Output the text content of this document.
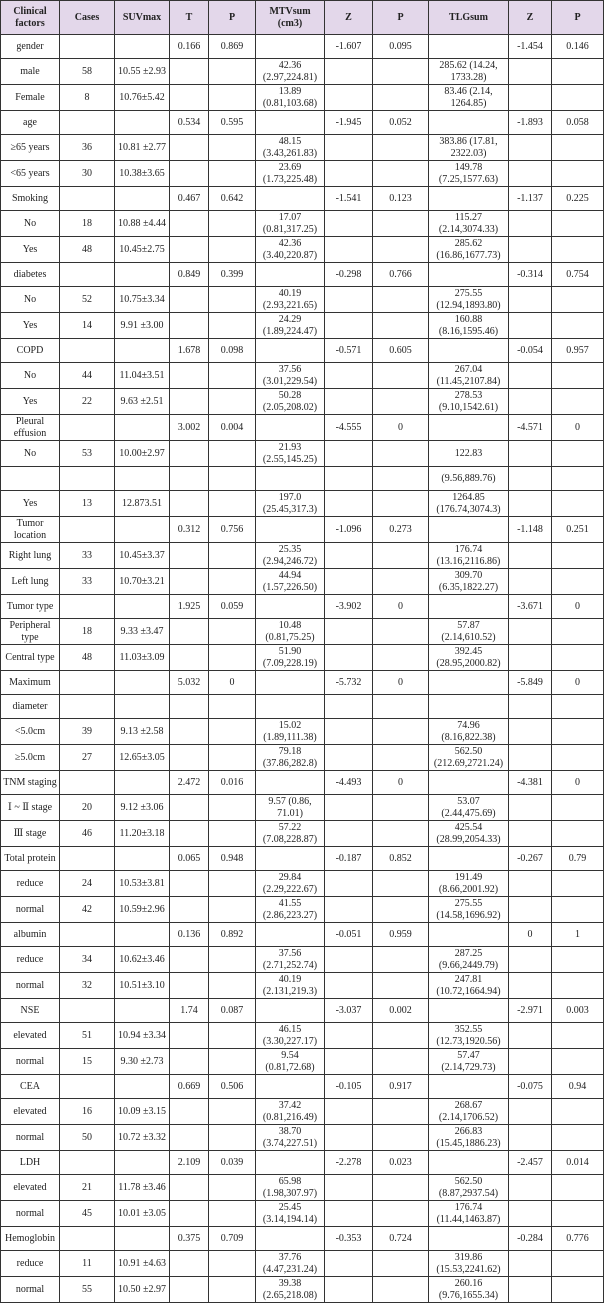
Clinical factors	Cases	SUVmax	T	P	MTVsum (cm3)	Z	P	TLGsum	Z	P
gender			0.166	0.869		-1.607	0.095		-1.454	0.146
male	58	10.55 ±2.93			42.36 (2.97,224.81)			285.62 (14.24, 1733.28)		
Female	8	10.76±5.42			13.89 (0.81,103.68)			83.46 (2.14, 1264.85)		
age			0.534	0.595		-1.945	0.052		-1.893	0.058
≥65 years	36	10.81 ±2.77			48.15 (3.43,261.83)			383.86 (17.81, 2322.03)		
<65 years	30	10.38±3.65			23.69 (1.73,225.48)			149.78 (7.25,1577.63)		
Smoking			0.467	0.642		-1.541	0.123		-1.137	0.225
No	18	10.88 ±4.44			17.07 (0.81,317.25)			115.27 (2.14,3074.33)		
Yes	48	10.45±2.75			42.36 (3.40,220.87)			285.62 (16.86,1677.73)		
diabetes			0.849	0.399		-0.298	0.766		-0.314	0.754
No	52	10.75±3.34			40.19 (2.93,221.65)			275.55 (12.94,1893.80)		
Yes	14	9.91 ±3.00			24.29 (1.89,224.47)			160.88 (8.16,1595.46)		
COPD			1.678	0.098		-0.571	0.605		-0.054	0.957
No	44	11.04±3.51			37.56 (3.01,229.54)			267.04 (11.45,2107.84)		
Yes	22	9.63 ±2.51			50.28 (2.05,208.02)			278.53 (9.10,1542.61)		
Pleural effusion			3.002	0.004		-4.555	0		-4.571	0
No	53	10.00±2.97			21.93 (2.55,145.25)			122.83		
								(9.56,889.76)		
Yes	13	12.873.51			197.0 (25.45,317.3)			1264.85 (176.74,3074.3)		
Tumor location			0.312	0.756		-1.096	0.273		-1.148	0.251
Right lung	33	10.45±3.37			25.35 (2.94,246.72)			176.74 (13.16,2116.86)		
Left lung	33	10.70±3.21			44.94 (1.57,226.50)			309.70 (6.35,1822.27)		
Tumor type			1.925	0.059		-3.902	0		-3.671	0
Peripheral type	18	9.33 ±3.47			10.48 (0.81,75.25)			57.87 (2.14,610.52)		
Central type	48	11.03±3.09			51.90 (7.09,228.19)			392.45 (28.95,2000.82)		
Maximum			5.032	0		-5.732	0		-5.849	0
diameter										
<5.0cm	39	9.13 ±2.58			15.02 (1.89,111.38)			74.96 (8.16,822.38)		
≥5.0cm	27	12.65±3.05			79.18 (37.86,282.8)			562.50 (212.69,2721.24)		
TNM staging			2.472	0.016		-4.493	0		-4.381	0
Ⅰ ~ Ⅱ stage	20	9.12 ±3.06			9.57 (0.86, 71.01)			53.07 (2.44,475.69)		
Ⅲ stage	46	11.20±3.18			57.22 (7.08,228.87)			425.54 (28.99,2054.33)		
Total protein			0.065	0.948		-0.187	0.852		-0.267	0.79
reduce	24	10.53±3.81			29.84 (2.29,222.67)			191.49 (8.66,2001.92)		
normal	42	10.59±2.96			41.55 (2.86,223.27)			275.55 (14.58,1696.92)		
albumin			0.136	0.892		-0.051	0.959		0	1
reduce	34	10.62±3.46			37.56 (2.71,252.74)			287.25 (9.66,2449.79)		
normal	32	10.51±3.10			40.19 (2.131,219.3)			247.81 (10.72,1664.94)		
NSE			1.74	0.087		-3.037	0.002		-2.971	0.003
elevated	51	10.94 ±3.34			46.15 (3.30,227.17)			352.55 (12.73,1920.56)		
normal	15	9.30 ±2.73			9.54 (0.81,72.68)			57.47 (2.14,729.73)		
CEA			0.669	0.506		-0.105	0.917		-0.075	0.94
elevated	16	10.09 ±3.15			37.42 (0.81,216.49)			268.67 (2.14,1706.52)		
normal	50	10.72 ±3.32			38.70 (3.74,227.51)			266.83 (15.45,1886.23)		
LDH			2.109	0.039		-2.278	0.023		-2.457	0.014
elevated	21	11.78 ±3.46			65.98 (1.98,307.97)			562.50 (8.87,2937.54)		
normal	45	10.01 ±3.05			25.45 (3.14,194.14)			176.74 (11.44,1463.87)		
Hemoglobin			0.375	0.709		-0.353	0.724		-0.284	0.776
reduce	11	10.91 ±4.63			37.76 (4.47,231.24)			319.86 (15.53,2241.62)		
normal	55	10.50 ±2.97			39.38 (2.65,218.08)			260.16 (9.76,1655.34)		
